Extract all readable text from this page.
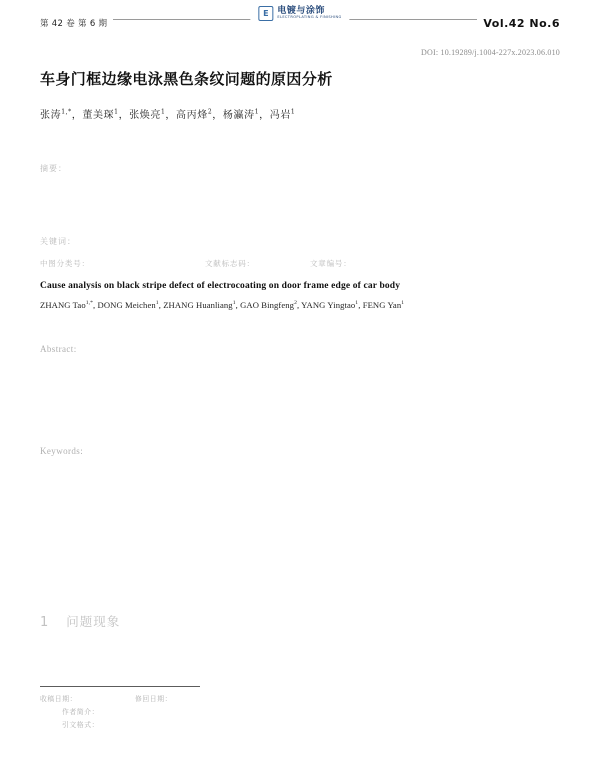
第 42 卷 第 6 期
E 电镀与涂饰
ELECTROPLATING & FINISHING	Vol.42 No.6
DOI: 10.19289/j.1004-227x.2023.06.010
车身门框边缘电泳黑色条纹问题的原因分析
张涛$^{1,*}$，董美琛$^1$，张焕亮$^1$，高丙烽$^2$，杨瀛涛$^1$，冯岩$^1$
摘要：
关键词：
中图分类号：	文献标志码：	文章编号：
Cause analysis on black stripe defect of electrocoating on door frame edge of car body
ZHANG Tao$^{1,*}$, DONG Meichen$^1$, ZHANG Huanliang$^1$, GAO Bingfeng$^2$, YANG Yingtao$^1$, FENG Yan$^1$
Abstract:
Keywords:
1 问题现象
收稿日期：	修回日期：
作者简介：
引文格式：
